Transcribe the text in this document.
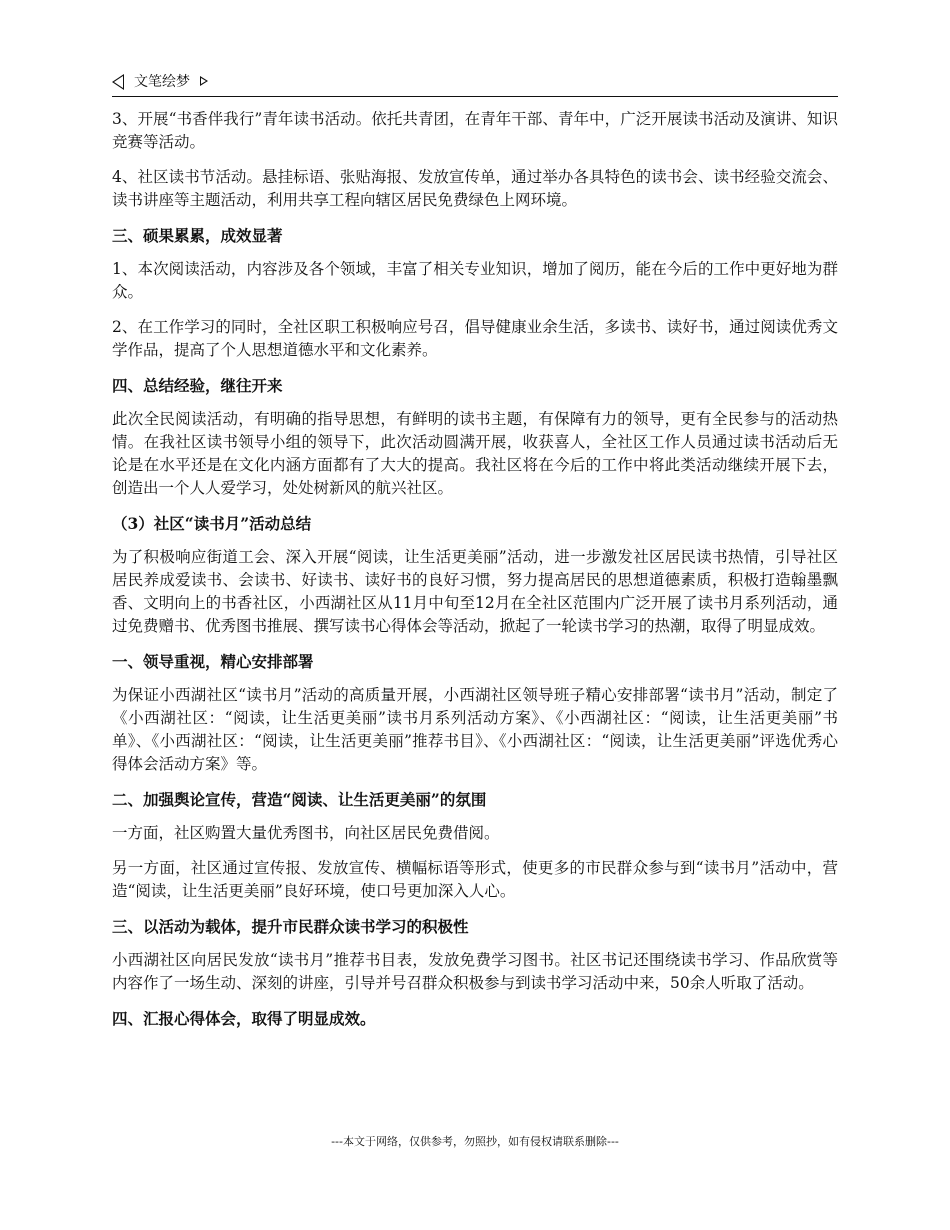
文笔绘梦

3、开展“书香伴我行”青年读书活动。依托共青团，在青年干部、青年中，广泛开展读书活动及演讲、知识竞赛等活动。

4、社区读书节活动。悬挂标语、张贴海报、发放宣传单，通过举办各具特色的读书会、读书经验交流会、读书讲座等主题活动，利用共享工程向辖区居民免费绿色上网环境。

三、硕果累累，成效显著

1、本次阅读活动，内容涉及各个领域，丰富了相关专业知识，增加了阅历，能在今后的工作中更好地为群众。

2、在工作学习的同时，全社区职工积极响应号召，倡导健康业余生活，多读书、读好书，通过阅读优秀文学作品，提高了个人思想道德水平和文化素养。

四、总结经验，继往开来

此次全民阅读活动，有明确的指导思想，有鲜明的读书主题，有保障有力的领导，更有全民参与的活动热情。在我社区读书领导小组的领导下，此次活动圆满开展，收获喜人，全社区工作人员通过读书活动后无论是在水平还是在文化内涵方面都有了大大的提高。我社区将在今后的工作中将此类活动继续开展下去，创造出一个人人爱学习，处处树新风的航兴社区。

（3）社区“读书月”活动总结

为了积极响应街道工会、深入开展“阅读，让生活更美丽”活动，进一步激发社区居民读书热情，引导社区居民养成爱读书、会读书、好读书、读好书的良好习惯，努力提高居民的思想道德素质，积极打造翰墨飘香、文明向上的书香社区，小西湖社区从11月中旬至12月在全社区范围内广泛开展了读书月系列活动，通过免费赠书、优秀图书推展、撰写读书心得体会等活动，掀起了一轮读书学习的热潮，取得了明显成效。

一、领导重视，精心安排部署

为保证小西湖社区“读书月”活动的高质量开展，小西湖社区领导班子精心安排部署“读书月”活动，制定了《小西湖社区：“阅读，让生活更美丽”读书月系列活动方案》、《小西湖社区：“阅读，让生活更美丽”书单》、《小西湖社区：“阅读，让生活更美丽”推荐书目》、《小西湖社区：“阅读，让生活更美丽”评选优秀心得体会活动方案》等。

二、加强舆论宣传，营造“阅读、让生活更美丽”的氛围

一方面，社区购置大量优秀图书，向社区居民免费借阅。

另一方面，社区通过宣传报、发放宣传、横幅标语等形式，使更多的市民群众参与到“读书月”活动中，营造“阅读，让生活更美丽”良好环境，使口号更加深入人心。

三、以活动为载体，提升市民群众读书学习的积极性

小西湖社区向居民发放“读书月”推荐书目表，发放免费学习图书。社区书记还围绕读书学习、作品欣赏等内容作了一场生动、深刻的讲座，引导并号召群众积极参与到读书学习活动中来，50余人听取了活动。

四、汇报心得体会，取得了明显成效。

---本文于网络，仅供参考，勿照抄，如有侵权请联系删除---
